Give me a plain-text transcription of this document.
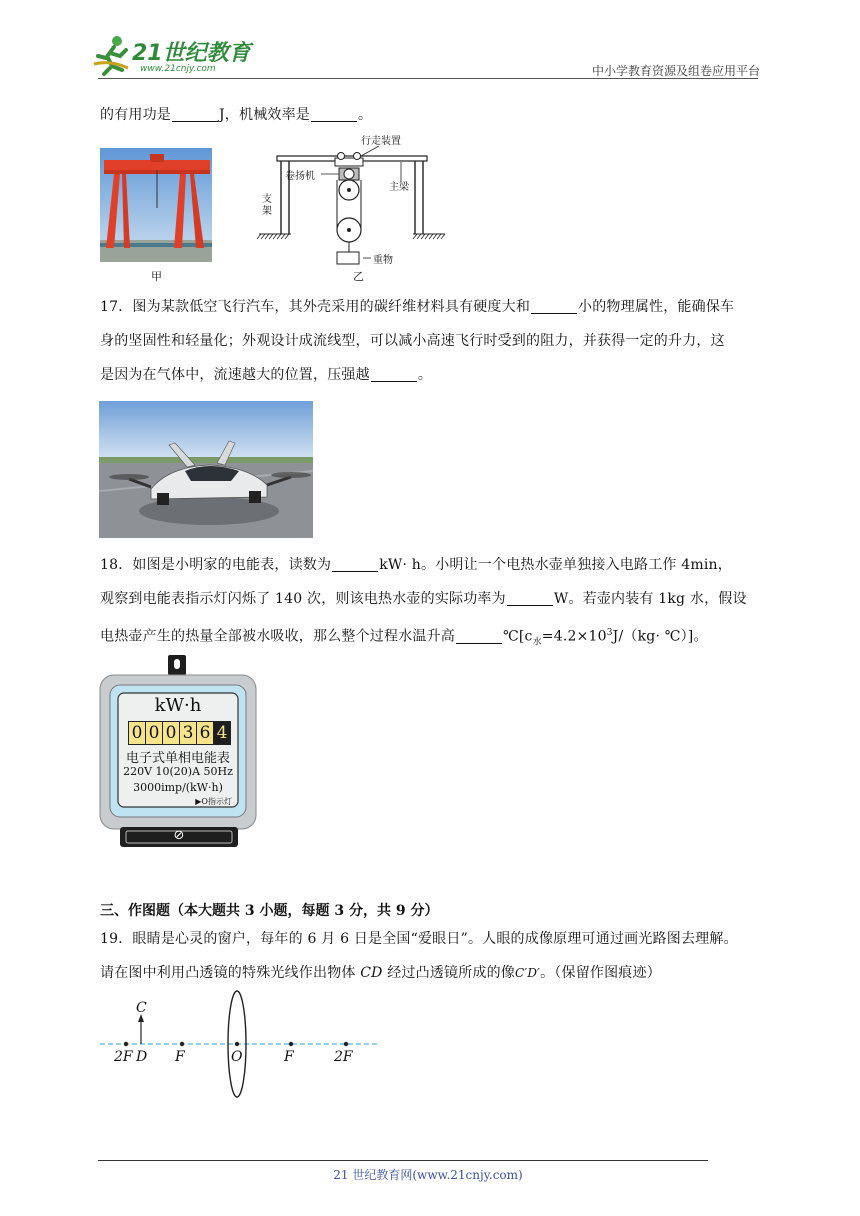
21世纪教育
www.21cnjy.com	中小学教育资源及组卷应用平台
的有用功是	J，机械效率是	。
甲
行走装置
卷扬机
主梁
支架
重物
乙
17．图为某款低空飞行汽车，其外壳采用的碳纤维材料具有硬度大和	小的物理属性，能确保车
身的坚固性和轻量化；外观设计成流线型，可以减小高速飞行时受到的阻力，并获得一定的升力，这
是因为在气体中，流速越大的位置，压强越	。
18．如图是小明家的电能表，读数为	kW· h。小明让一个电热水壶单独接入电路工作 4min，
观察到电能表指示灯闪烁了 140 次，则该电热水壶的实际功率为	W。若壶内装有 1kg 水，假设
电热壶产生的热量全部被水吸收，那么整个过程水温升高	$℃[c_水=4.2\times 10^3J/(kg\cdot$ ℃）]。
kW·h
0 0 0 3 6 4
电子式单相电能表
220V 10(20)A 50Hz
3000imp/(kW·h)
▶O指示灯
⊘
三、作图题（本大题共 3 小题，每题 3 分，共 9 分）
19．眼睛是心灵的窗户，每年的 6 月 6 日是全国“爱眼日”。人眼的成像原理可通过画光路图去理解。
请在图中利用凸透镜的特殊光线作出物体 CD 经过凸透镜所成的像C′D′。（保留作图痕迹）
C
2F D F	O	F	2F
21 世纪教育网(www.21cnjy.com)
